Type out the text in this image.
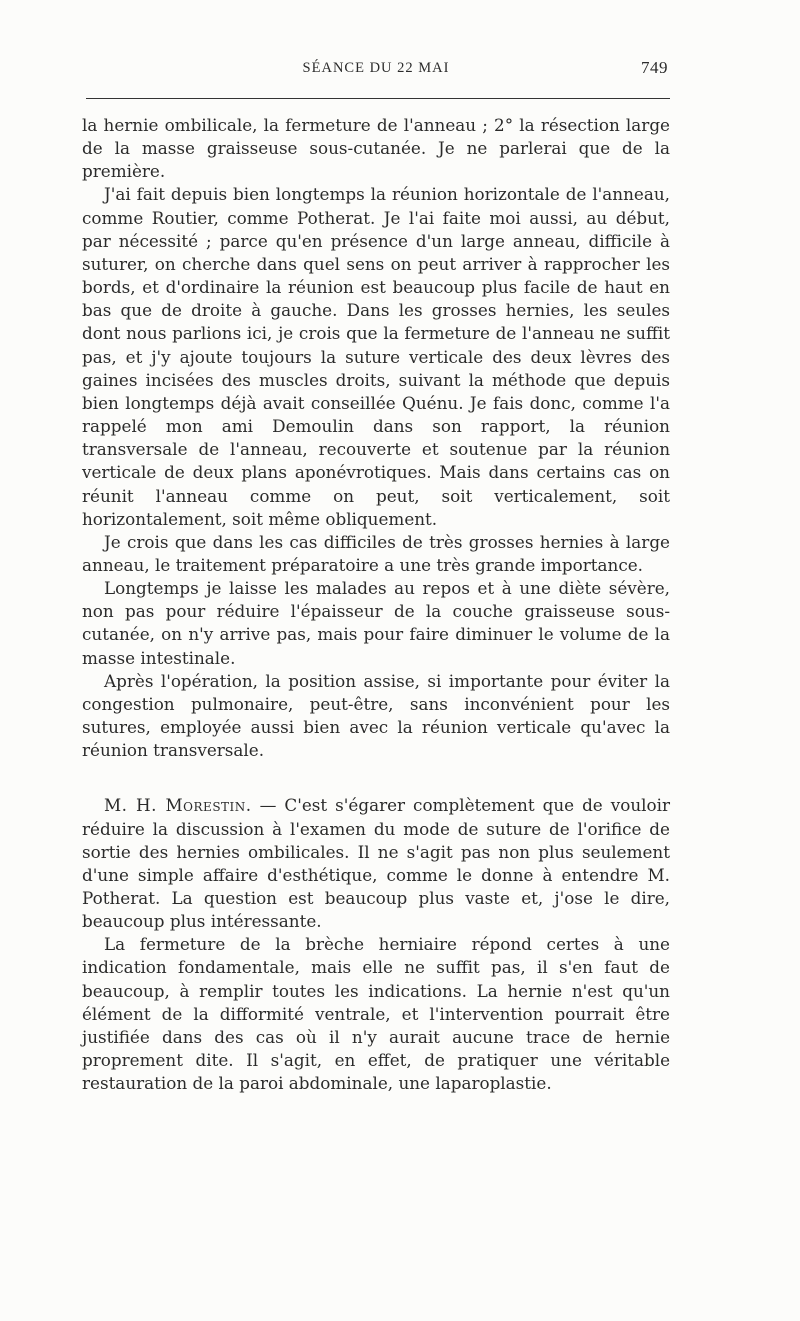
SÉANCE DU 22 MAI	749

la hernie ombilicale, la fermeture de l'anneau ; 2° la résection large de la masse graisseuse sous-cutanée. Je ne parlerai que de la première.

J'ai fait depuis bien longtemps la réunion horizontale de l'anneau, comme Routier, comme Potherat. Je l'ai faite moi aussi, au début, par nécessité ; parce qu'en présence d'un large anneau, difficile à suturer, on cherche dans quel sens on peut arriver à rapprocher les bords, et d'ordinaire la réunion est beaucoup plus facile de haut en bas que de droite à gauche. Dans les grosses hernies, les seules dont nous parlions ici, je crois que la fermeture de l'anneau ne suffit pas, et j'y ajoute toujours la suture verticale des deux lèvres des gaines incisées des muscles droits, suivant la méthode que depuis bien longtemps déjà avait conseillée Quénu. Je fais donc, comme l'a rappelé mon ami Demoulin dans son rapport, la réunion transversale de l'anneau, recouverte et soutenue par la réunion verticale de deux plans aponévrotiques. Mais dans certains cas on réunit l'anneau comme on peut, soit verticalement, soit horizontalement, soit même obliquement.

Je crois que dans les cas difficiles de très grosses hernies à large anneau, le traitement préparatoire a une très grande importance.

Longtemps je laisse les malades au repos et à une diète sévère, non pas pour réduire l'épaisseur de la couche graisseuse sous-cutanée, on n'y arrive pas, mais pour faire diminuer le volume de la masse intestinale.

Après l'opération, la position assise, si importante pour éviter la congestion pulmonaire, peut-être, sans inconvénient pour les sutures, employée aussi bien avec la réunion verticale qu'avec la réunion transversale.

M. H. Morestin. — C'est s'égarer complètement que de vouloir réduire la discussion à l'examen du mode de suture de l'orifice de sortie des hernies ombilicales. Il ne s'agit pas non plus seulement d'une simple affaire d'esthétique, comme le donne à entendre M. Potherat. La question est beaucoup plus vaste et, j'ose le dire, beaucoup plus intéressante.

La fermeture de la brèche herniaire répond certes à une indication fondamentale, mais elle ne suffit pas, il s'en faut de beaucoup, à remplir toutes les indications. La hernie n'est qu'un élément de la difformité ventrale, et l'intervention pourrait être justifiée dans des cas où il n'y aurait aucune trace de hernie proprement dite. Il s'agit, en effet, de pratiquer une véritable restauration de la paroi abdominale, une laparoplastie.
